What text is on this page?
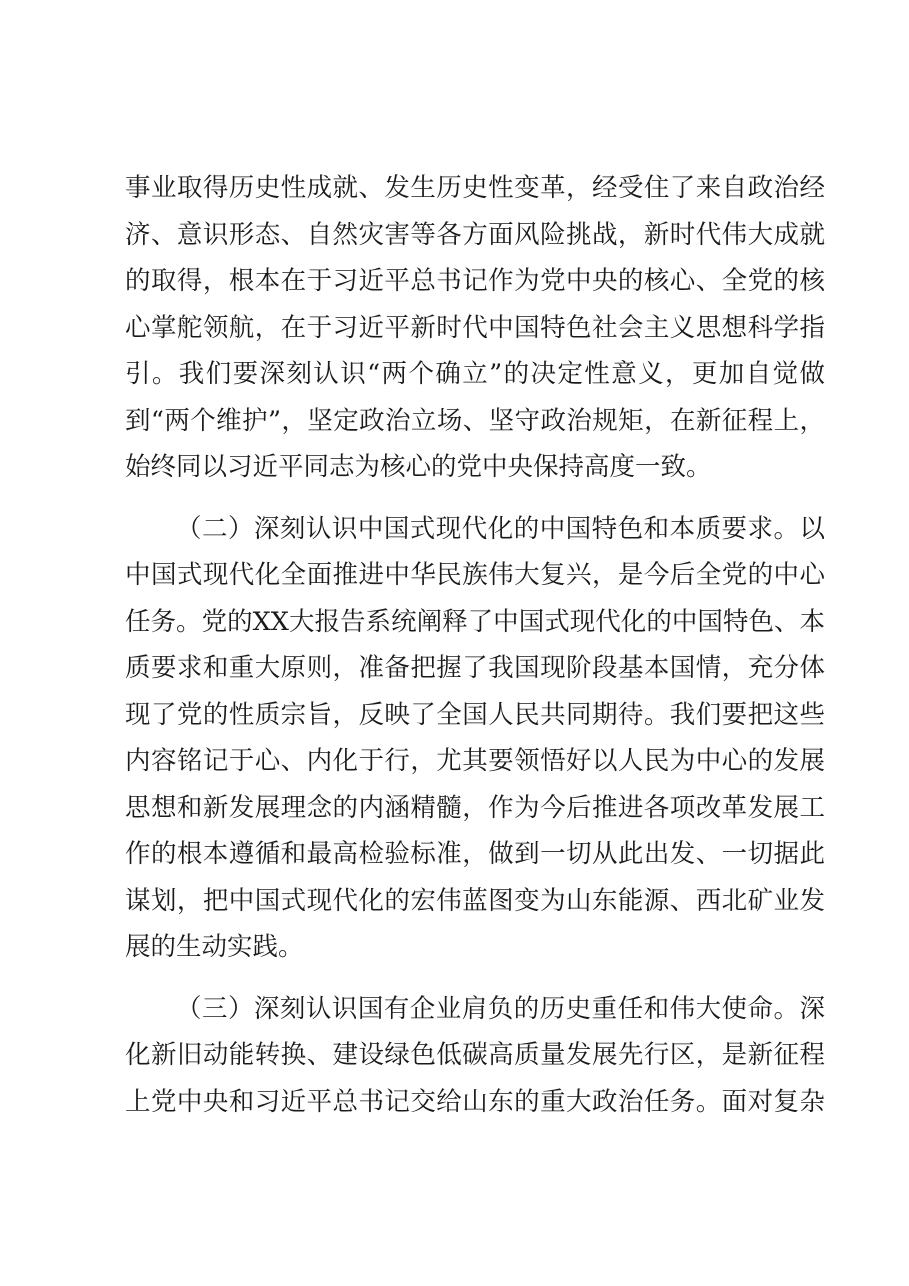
事业取得历史性成就、发生历史性变革，经受住了来自政治经
济、意识形态、自然灾害等各方面风险挑战，新时代伟大成就
的取得，根本在于习近平总书记作为党中央的核心、全党的核
心掌舵领航，在于习近平新时代中国特色社会主义思想科学指
引。我们要深刻认识“两个确立”的决定性意义，更加自觉做
到“两个维护”，坚定政治立场、坚守政治规矩，在新征程上，
始终同以习近平同志为核心的党中央保持高度一致。
（二）深刻认识中国式现代化的中国特色和本质要求。以
中国式现代化全面推进中华民族伟大复兴，是今后全党的中心
任务。党的XX大报告系统阐释了中国式现代化的中国特色、本
质要求和重大原则，准备把握了我国现阶段基本国情，充分体
现了党的性质宗旨，反映了全国人民共同期待。我们要把这些
内容铭记于心、内化于行，尤其要领悟好以人民为中心的发展
思想和新发展理念的内涵精髓，作为今后推进各项改革发展工
作的根本遵循和最高检验标准，做到一切从此出发、一切据此
谋划，把中国式现代化的宏伟蓝图变为山东能源、西北矿业发
展的生动实践。
（三）深刻认识国有企业肩负的历史重任和伟大使命。深
化新旧动能转换、建设绿色低碳高质量发展先行区，是新征程
上党中央和习近平总书记交给山东的重大政治任务。面对复杂
